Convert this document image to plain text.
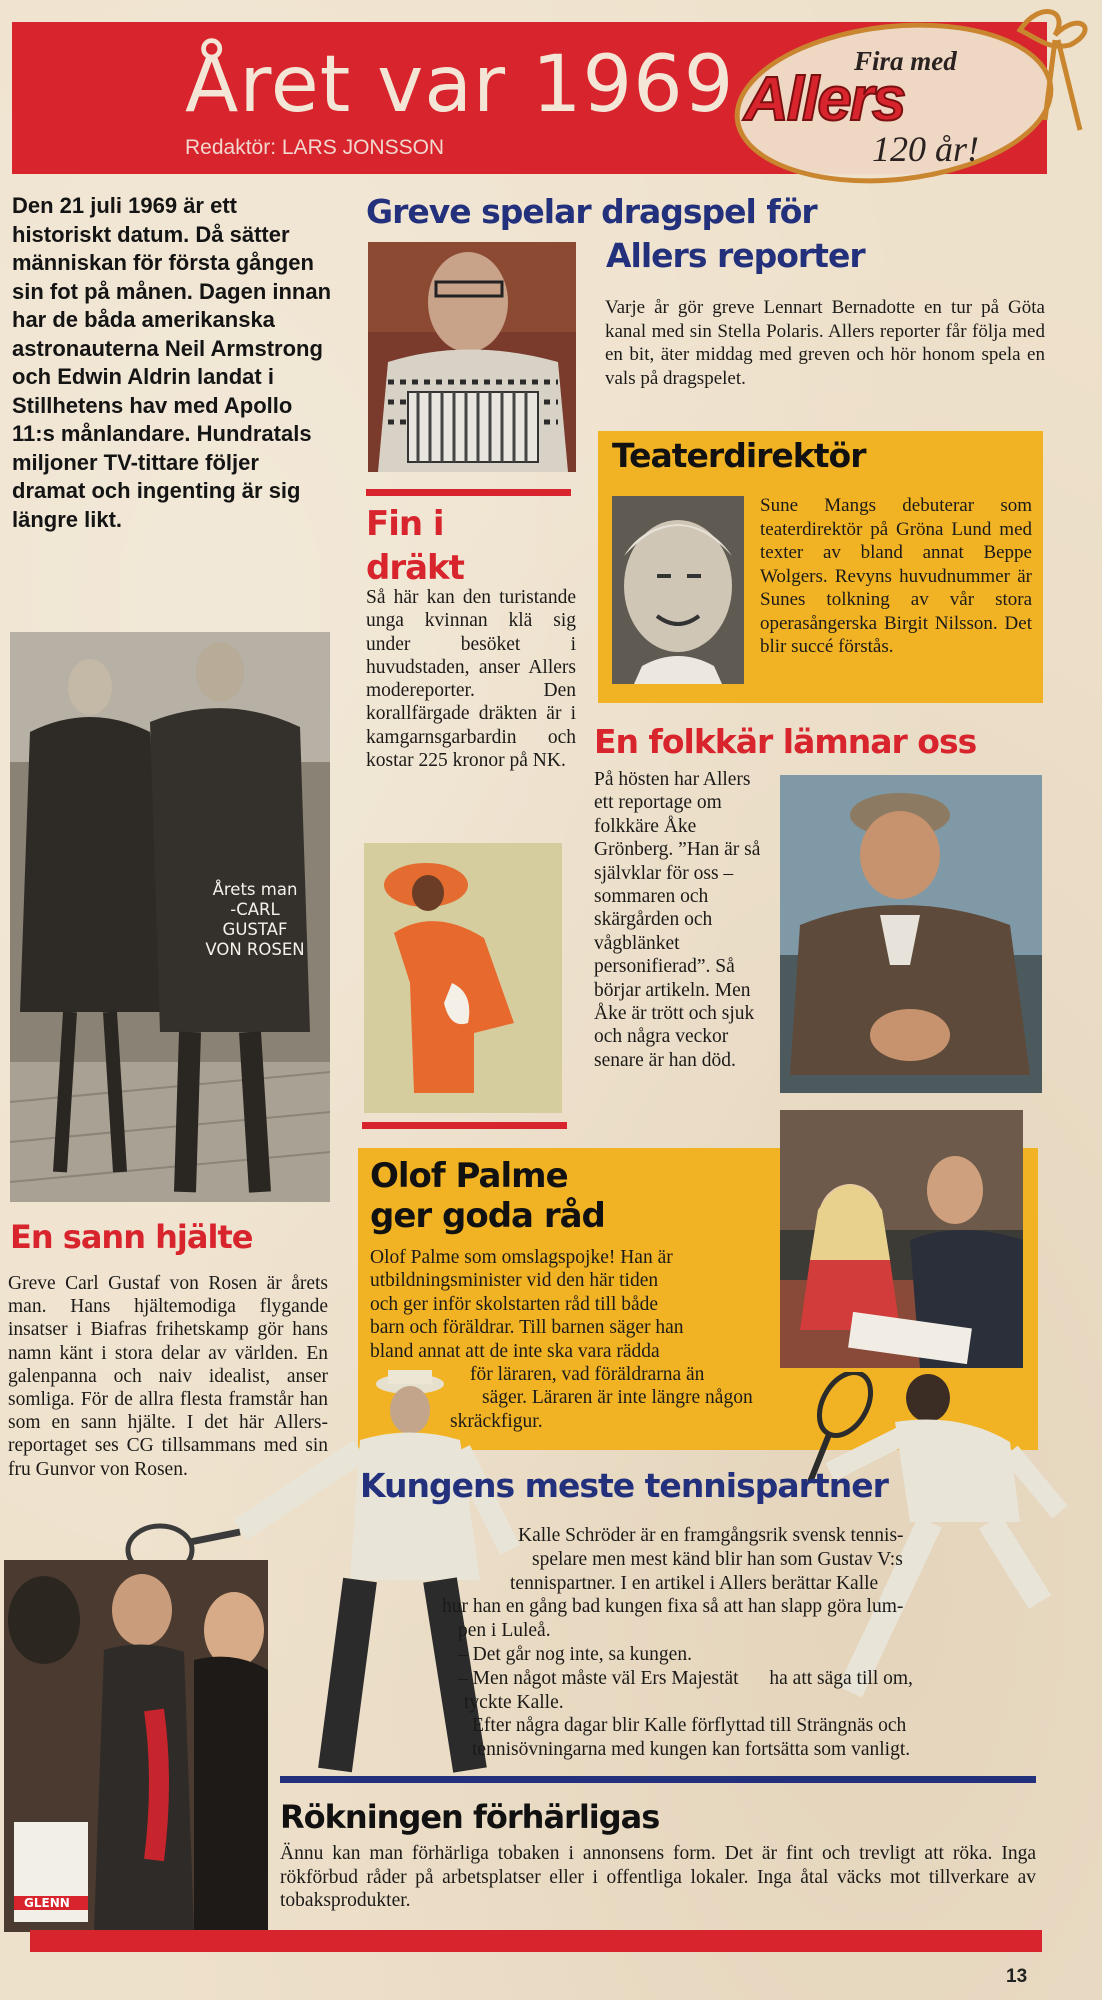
Året var 1969
Redaktör: LARS JONSSON
Fira med
Allers
120 år!
Den 21 juli 1969 är ett historiskt datum. Då sätter människan för första gången sin fot på månen. Dagen innan har de båda amerikanska astronauterna Neil Armstrong och Edwin Aldrin landat i Stillhetens hav med Apollo 11:s månlandare. Hundratals miljoner TV-tittare följer dramat och ingenting är sig längre likt.
Greve spelar dragspel för
Allers reporter
Varje år gör greve Lennart Bernadotte en tur på Göta kanal med sin Stella Polaris. Allers reporter får följa med en bit, äter middag med greven och hör honom spela en vals på dragspelet.
Teaterdirektör
Sune Mangs debuterar som teaterdirektör på Gröna Lund med texter av bland annat Beppe Wolgers. Revyns huvudnummer är Sunes tolkning av vår stora operasångerska Birgit Nilsson. Det blir succé förstås.
Fin i
dräkt
Så här kan den turistande unga kvinnan klä sig under besöket i huvudstaden, anser Allers modereporter. Den korallfärgade dräkten är i kamgarnsgarbardin och kostar 225 kronor på NK.
Årets man
-CARL GUSTAF
VON ROSEN
En folkkär lämnar oss
På hösten har Allers ett reportage om folkkäre Åke Grönberg. ”Han är så självklar för oss – sommaren och skärgården och vågblänket personifierad”. Så börjar artikeln. Men Åke är trött och sjuk och några veckor senare är han död.
Olof Palme
ger goda råd
Olof Palme som omslagspojke! Han är
utbildningsminister vid den här tiden
och ger inför skolstarten råd till både
barn och föräldrar. Till barnen säger han
bland annat att de inte ska vara rädda
för läraren, vad föräldrarna än
säger. Läraren är inte längre någon
skräckfigur.
En sann hjälte
Greve Carl Gustaf von Rosen är årets man. Hans hjältemodiga flygande insatser i Biafras frihetskamp gör hans namn känt i stora delar av världen. En galenpanna och naiv idealist, anser somliga. För de allra flesta framstår han som en sann hjälte. I det här Allers-reportaget ses CG tillsammans med sin fru Gunvor von Rosen.	Kungens meste tennispartner
Kalle Schröder är en framgångsrik svensk tennis-
spelare men mest känd blir han som Gustav V:s
tennispartner. I en artikel i Allers berättar Kalle
hur han en gång bad kungen fixa så att han slapp göra lum-
pen i Luleå.
– Det går nog inte, sa kungen.
– Men något måste väl Ers Majestät ha att säga till om,
tyckte Kalle.
Efter några dagar blir Kalle förflyttad till Strängnäs och
tennisövningarna med kungen kan fortsätta som vanligt.
GLENN
Rökningen förhärligas
Ännu kan man förhärliga tobaken i annonsens form. Det är fint och trevligt att röka. Inga rökförbud råder på arbetsplatser eller i offentliga lokaler. Inga åtal väcks mot tillverkare av tobaksprodukter.
13
